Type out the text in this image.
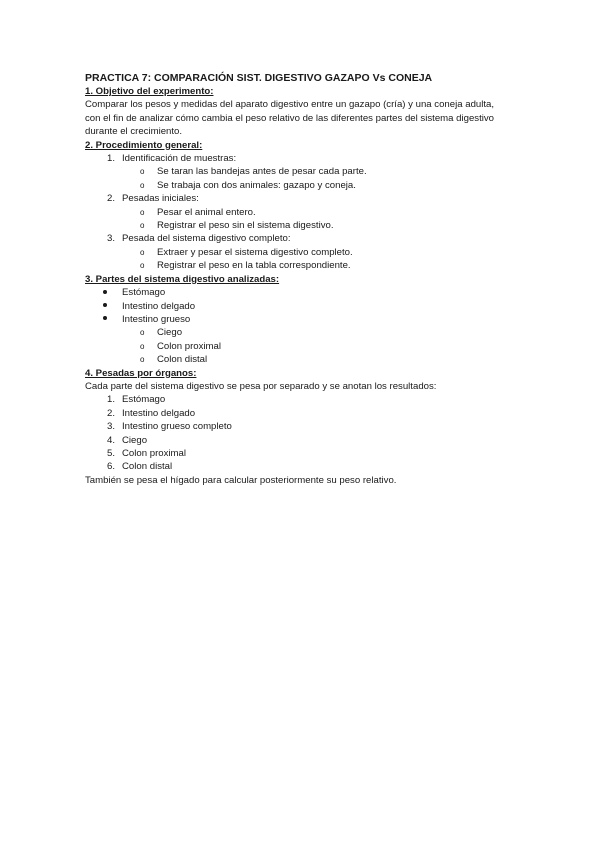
PRACTICA 7: COMPARACIÓN SIST. DIGESTIVO GAZAPO Vs CONEJA

1. Objetivo del experimento:

Comparar los pesos y medidas del aparato digestivo entre un gazapo (cría) y una coneja adulta,

con el fin de analizar cómo cambia el peso relativo de las diferentes partes del sistema digestivo

durante el crecimiento.

2. Procedimiento general:

1. Identificación de muestras:
o	Se taran las bandejas antes de pesar cada parte.
o	Se trabaja con dos animales: gazapo y coneja.
2. Pesadas iniciales:
o	Pesar el animal entero.
o	Registrar el peso sin el sistema digestivo.
3. Pesada del sistema digestivo completo:
o	Extraer y pesar el sistema digestivo completo.
o	Registrar el peso en la tabla correspondiente.

3. Partes del sistema digestivo analizadas:

Estómago
Intestino delgado
Intestino grueso
o	Ciego
o	Colon proximal
o	Colon distal

4. Pesadas por órganos:

Cada parte del sistema digestivo se pesa por separado y se anotan los resultados:

1. Estómago
2. Intestino delgado
3. Intestino grueso completo
4. Ciego
5. Colon proximal
6. Colon distal

También se pesa el hígado para calcular posteriormente su peso relativo.
